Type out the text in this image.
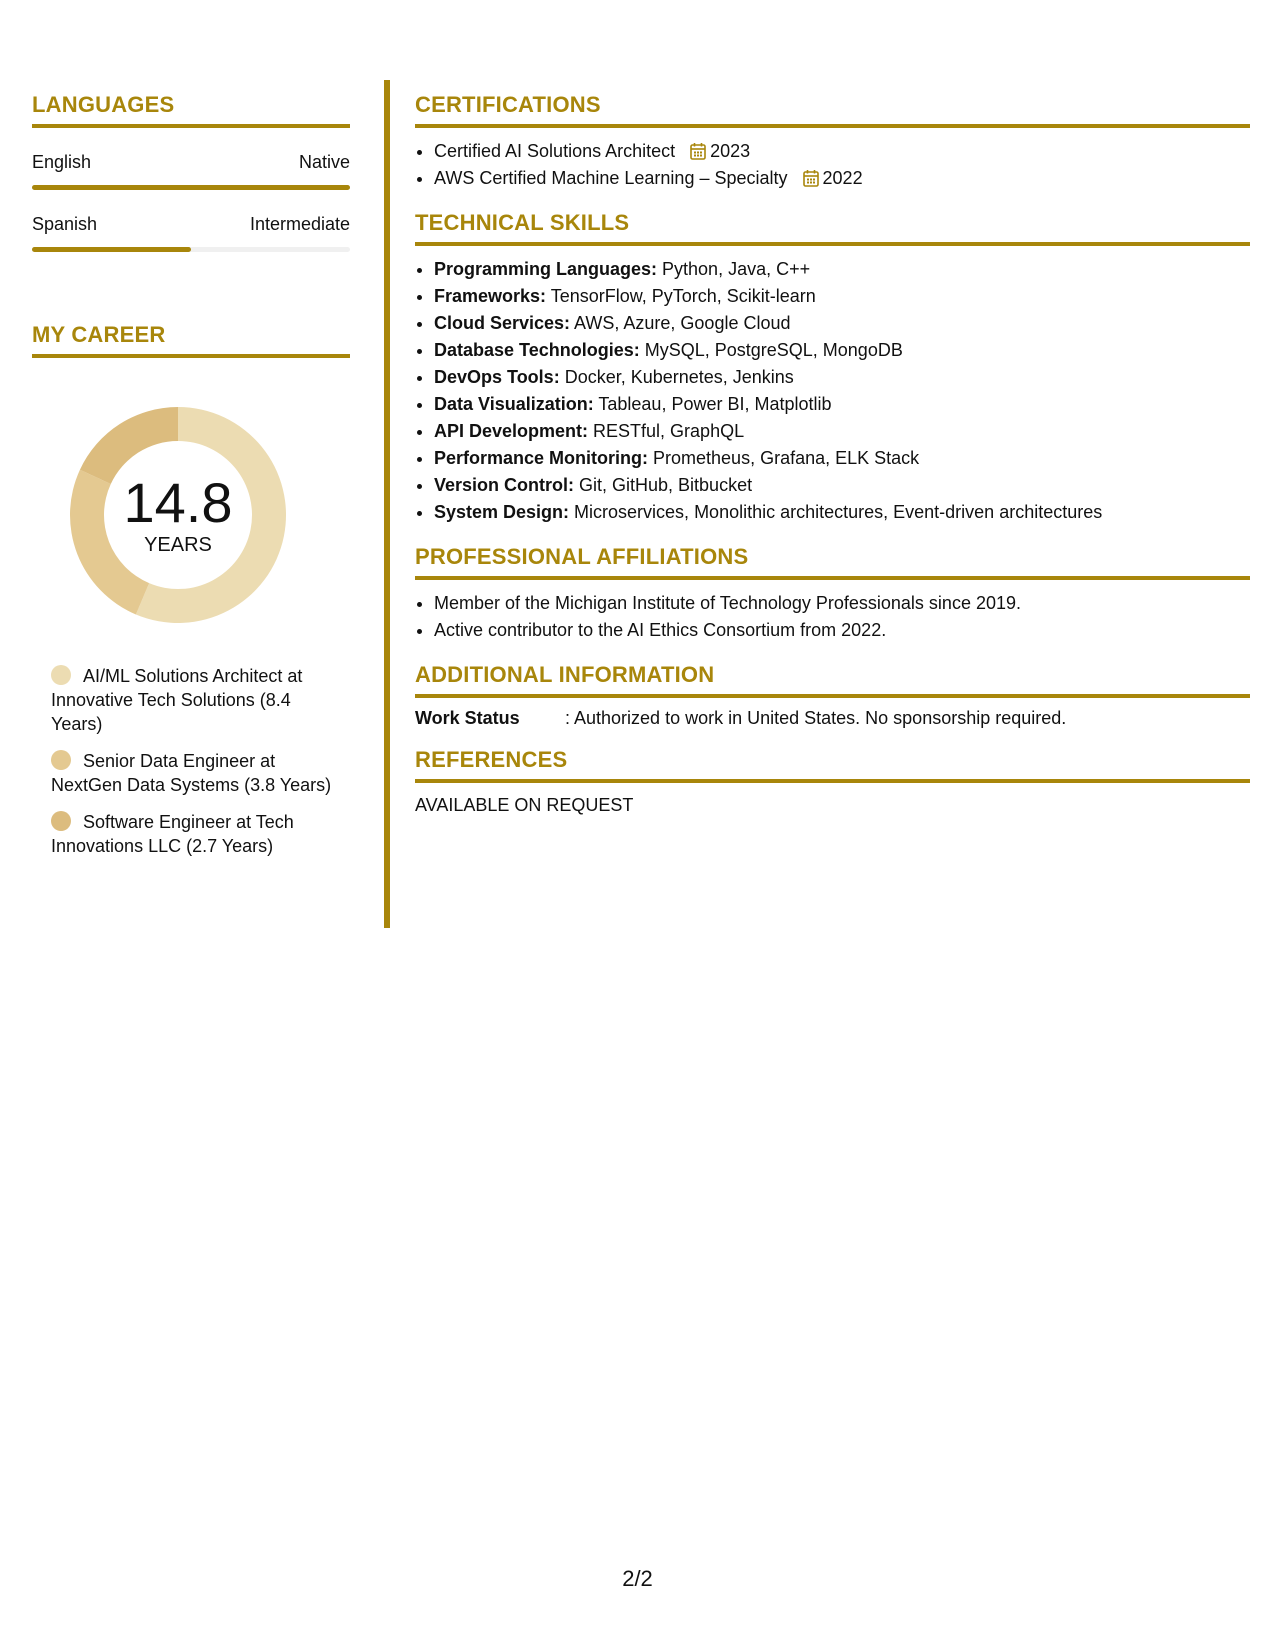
LANGUAGES
English	Native
Spanish	Intermediate
MY CAREER
14.8
YEARS
AI/ML Solutions Architect at Innovative Tech Solutions (8.4 Years)
Senior Data Engineer at NextGen Data Systems (3.8 Years)
Software Engineer at Tech Innovations LLC (2.7 Years)
CERTIFICATIONS
• Certified AI Solutions Architect 2023
• AWS Certified Machine Learning – Specialty 2022
TECHNICAL SKILLS
• Programming Languages: Python, Java, C++
• Frameworks: TensorFlow, PyTorch, Scikit-learn
• Cloud Services: AWS, Azure, Google Cloud
• Database Technologies: MySQL, PostgreSQL, MongoDB
• DevOps Tools: Docker, Kubernetes, Jenkins
• Data Visualization: Tableau, Power BI, Matplotlib
• API Development: RESTful, GraphQL
• Performance Monitoring: Prometheus, Grafana, ELK Stack
• Version Control: Git, GitHub, Bitbucket
• System Design: Microservices, Monolithic architectures, Event-driven architectures
PROFESSIONAL AFFILIATIONS
• Member of the Michigan Institute of Technology Professionals since 2019.
• Active contributor to the AI Ethics Consortium from 2022.
ADDITIONAL INFORMATION
Work Status	: Authorized to work in United States. No sponsorship required.
REFERENCES
AVAILABLE ON REQUEST
2/2
